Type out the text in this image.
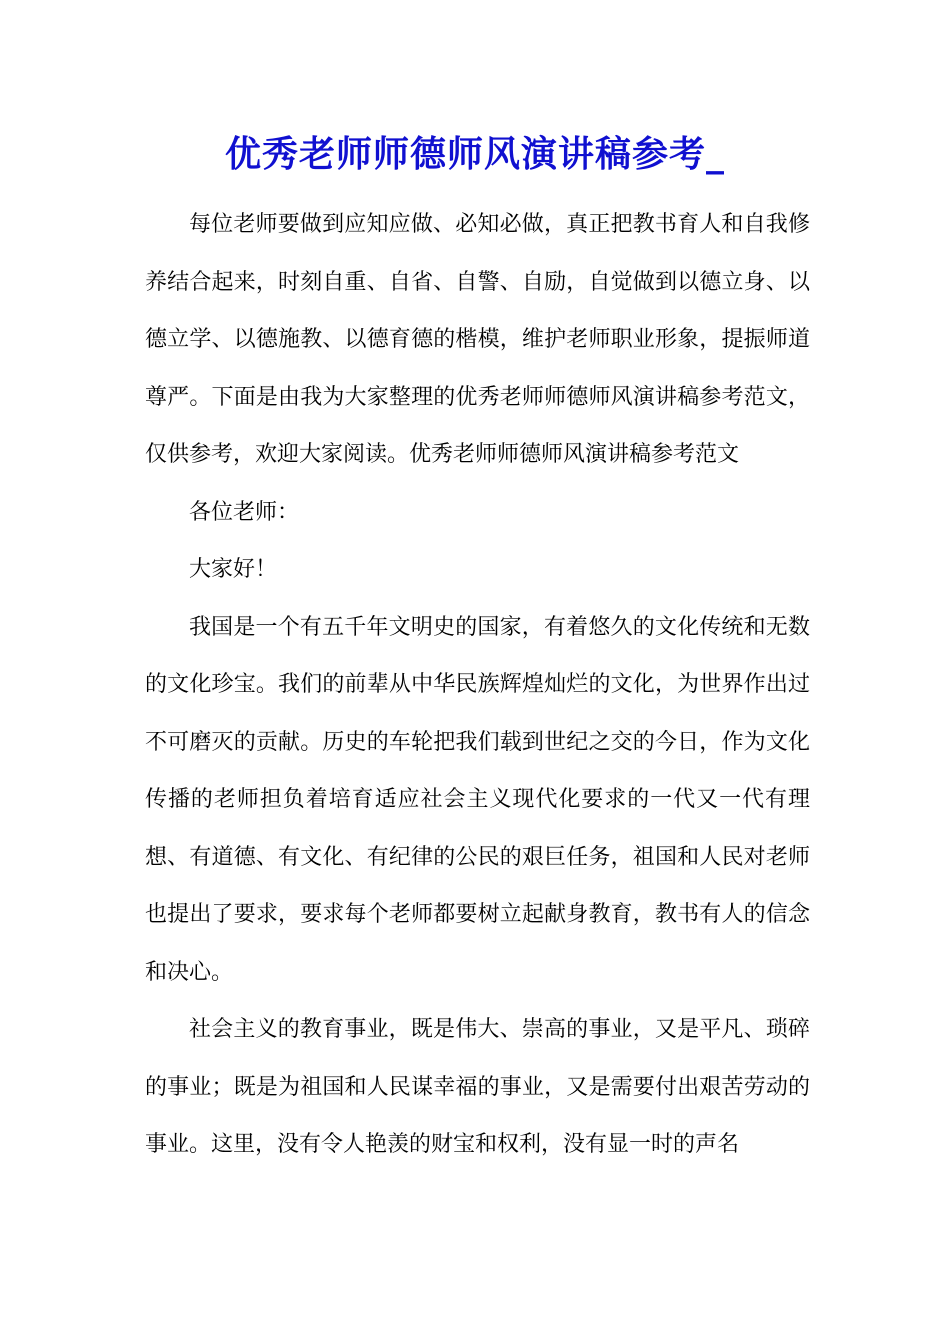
优秀老师师德师风演讲稿参考_

每位老师要做到应知应做、必知必做，真正把教书育人和自我修养结合起来，时刻自重、自省、自警、自励，自觉做到以德立身、以德立学、以德施教、以德育德的楷模，维护老师职业形象，提振师道尊严。下面是由我为大家整理的优秀老师师德师风演讲稿参考范文，仅供参考，欢迎大家阅读。优秀老师师德师风演讲稿参考范文

各位老师：

大家好！

我国是一个有五千年文明史的国家，有着悠久的文化传统和无数的文化珍宝。我们的前辈从中华民族辉煌灿烂的文化，为世界作出过不可磨灭的贡献。历史的车轮把我们载到世纪之交的今日，作为文化传播的老师担负着培育适应社会主义现代化要求的一代又一代有理想、有道德、有文化、有纪律的公民的艰巨任务，祖国和人民对老师也提出了要求，要求每个老师都要树立起献身教育，教书有人的信念和决心。

社会主义的教育事业，既是伟大、崇高的事业，又是平凡、琐碎的事业；既是为祖国和人民谋幸福的事业，又是需要付出艰苦劳动的事业。这里，没有令人艳羡的财宝和权利，没有显一时的声名
